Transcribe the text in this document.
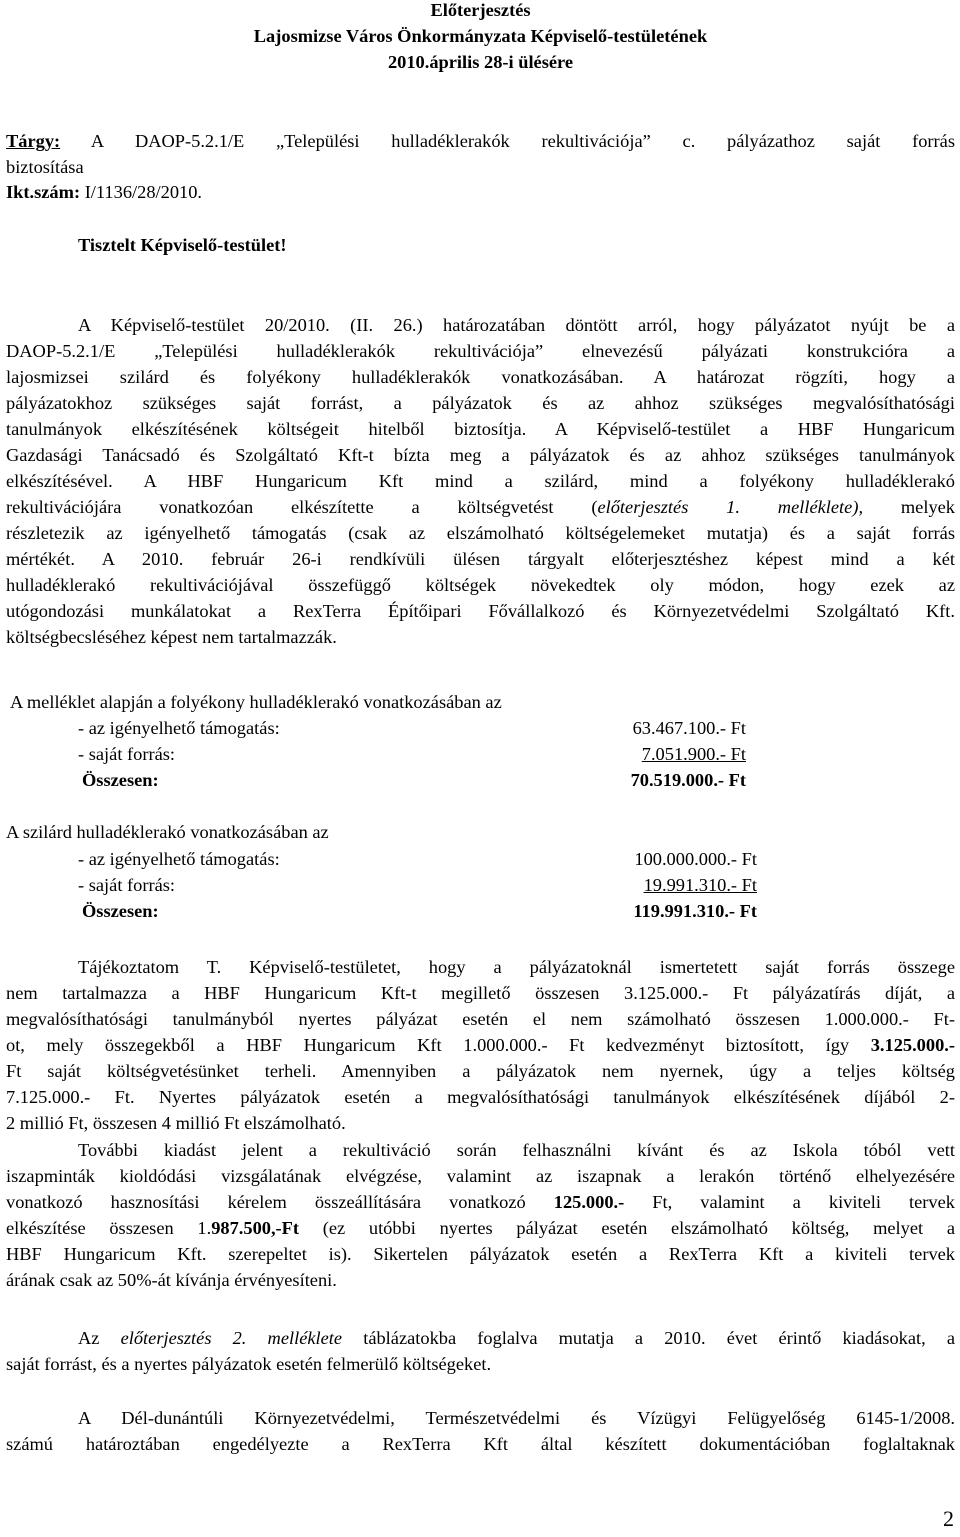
Előterjesztés
Lajosmizse Város Önkormányzata Képviselő-testületének
2010.április 28-i ülésére
Tárgy: A DAOP-5.2.1/E „Települési hulladéklerakók rekultivációja” c. pályázathoz saját forrás
biztosítása
Ikt.szám: I/1136/28/2010.
Tisztelt Képviselő-testület!
A Képviselő-testület 20/2010. (II. 26.) határozatában döntött arról, hogy pályázatot nyújt be a
DAOP-5.2.1/E „Települési hulladéklerakók rekultivációja” elnevezésű pályázati konstrukcióra a
lajosmizsei szilárd és folyékony hulladéklerakók vonatkozásában. A határozat rögzíti, hogy a
pályázatokhoz szükséges saját forrást, a pályázatok és az ahhoz szükséges megvalósíthatósági
tanulmányok elkészítésének költségeit hitelből biztosítja. A Képviselő-testület a HBF Hungaricum
Gazdasági Tanácsadó és Szolgáltató Kft-t bízta meg a pályázatok és az ahhoz szükséges tanulmányok
elkészítésével. A HBF Hungaricum Kft mind a szilárd, mind a folyékony hulladéklerakó
rekultivációjára vonatkozóan elkészítette a költségvetést (előterjesztés 1. melléklete), melyek
részletezik az igényelhető támogatás (csak az elszámolható költségelemeket mutatja) és a saját forrás
mértékét. A 2010. február 26-i rendkívüli ülésen tárgyalt előterjesztéshez képest mind a két
hulladéklerakó rekultivációjával összefüggő költségek növekedtek oly módon, hogy ezek az
utógondozási munkálatokat a RexTerra Építőipari Fővállalkozó és Környezetvédelmi Szolgáltató Kft.
költségbecsléséhez képest nem tartalmazzák.
A melléklet alapján a folyékony hulladéklerakó vonatkozásában az
- az igényelhető támogatás:	63.467.100.- Ft
- saját forrás:	7.051.900.- Ft
Összesen:	70.519.000.- Ft
A szilárd hulladéklerakó vonatkozásában az
- az igényelhető támogatás:	100.000.000.- Ft
- saját forrás:	19.991.310.- Ft
Összesen:	119.991.310.- Ft
Tájékoztatom T. Képviselő-testületet, hogy a pályázatoknál ismertetett saját forrás összege
nem tartalmazza a HBF Hungaricum Kft-t megillető összesen 3.125.000.- Ft pályázatírás díját, a
megvalósíthatósági tanulmányból nyertes pályázat esetén el nem számolható összesen 1.000.000.- Ft-
ot, mely összegekből a HBF Hungaricum Kft 1.000.000.- Ft kedvezményt biztosított, így 3.125.000.-
Ft saját költségvetésünket terheli. Amennyiben a pályázatok nem nyernek, úgy a teljes költség
7.125.000.- Ft. Nyertes pályázatok esetén a megvalósíthatósági tanulmányok elkészítésének díjából 2-
2 millió Ft, összesen 4 millió Ft elszámolható.
További kiadást jelent a rekultiváció során felhasználni kívánt és az Iskola tóból vett
iszapminták kioldódási vizsgálatának elvégzése, valamint az iszapnak a lerakón történő elhelyezésére
vonatkozó hasznosítási kérelem összeállítására vonatkozó 125.000.- Ft, valamint a kiviteli tervek
elkészítése összesen 1.987.500,-Ft (ez utóbbi nyertes pályázat esetén elszámolható költség, melyet a
HBF Hungaricum Kft. szerepeltet is). Sikertelen pályázatok esetén a RexTerra Kft a kiviteli tervek
árának csak az 50%-át kívánja érvényesíteni.
Az előterjesztés 2. melléklete táblázatokba foglalva mutatja a 2010. évet érintő kiadásokat, a
saját forrást, és a nyertes pályázatok esetén felmerülő költségeket.
A Dél-dunántúli Környezetvédelmi, Természetvédelmi és Vízügyi Felügyelőség 6145-1/2008.
számú határoztában engedélyezte a RexTerra Kft által készített dokumentációban foglaltaknak
2
